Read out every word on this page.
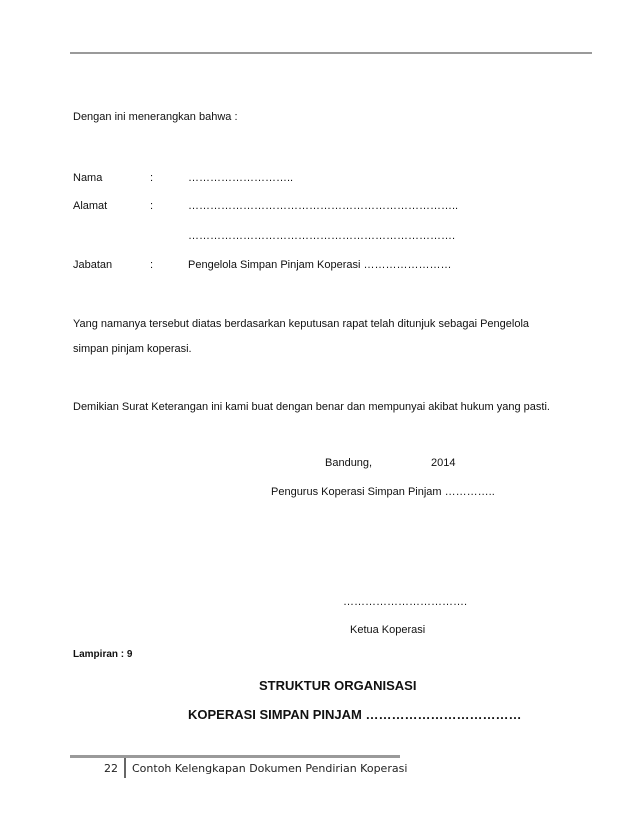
Dengan ini menerangkan bahwa :
Nama	:	………………………..
Alamat	:	………………………………………………………………..
……………………………………………………………….
Jabatan	:	Pengelola Simpan Pinjam Koperasi ……………………
Yang namanya tersebut diatas berdasarkan keputusan rapat telah ditunjuk sebagai Pengelola
simpan pinjam koperasi.
Demikian Surat Keterangan ini kami buat dengan benar dan mempunyai akibat hukum yang pasti.
Bandung,	2014
Pengurus Koperasi Simpan Pinjam …………..
…………………………….
Ketua Koperasi
Lampiran : 9
STRUKTUR ORGANISASI
KOPERASI SIMPAN PINJAM ………………………………
22 Contoh Kelengkapan Dokumen Pendirian Koperasi
